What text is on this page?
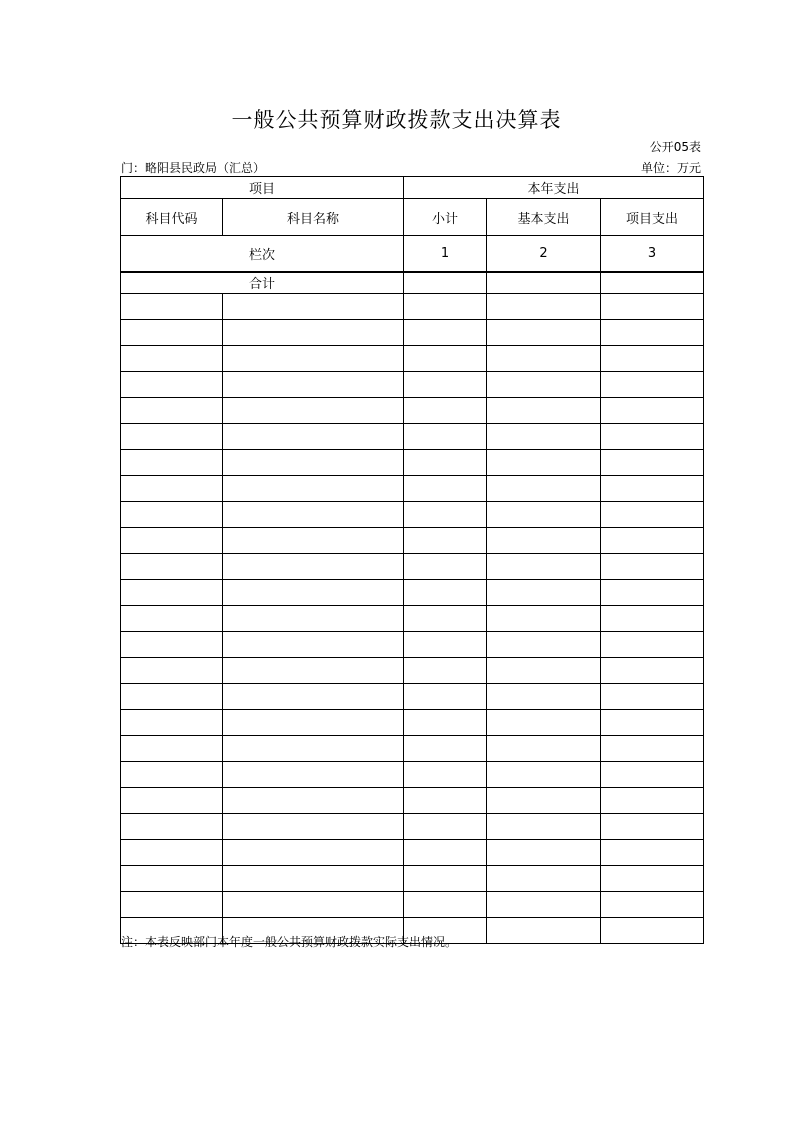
一般公共预算财政拨款支出决算表
公开05表
门：略阳县民政局（汇总）	单位：万元
项目		本年支出		
科目代码	科目名称	小计	基本支出	项目支出
栏次		1	2	3
合计				

注：本表反映部门本年度一般公共预算财政拨款实际支出情况。
